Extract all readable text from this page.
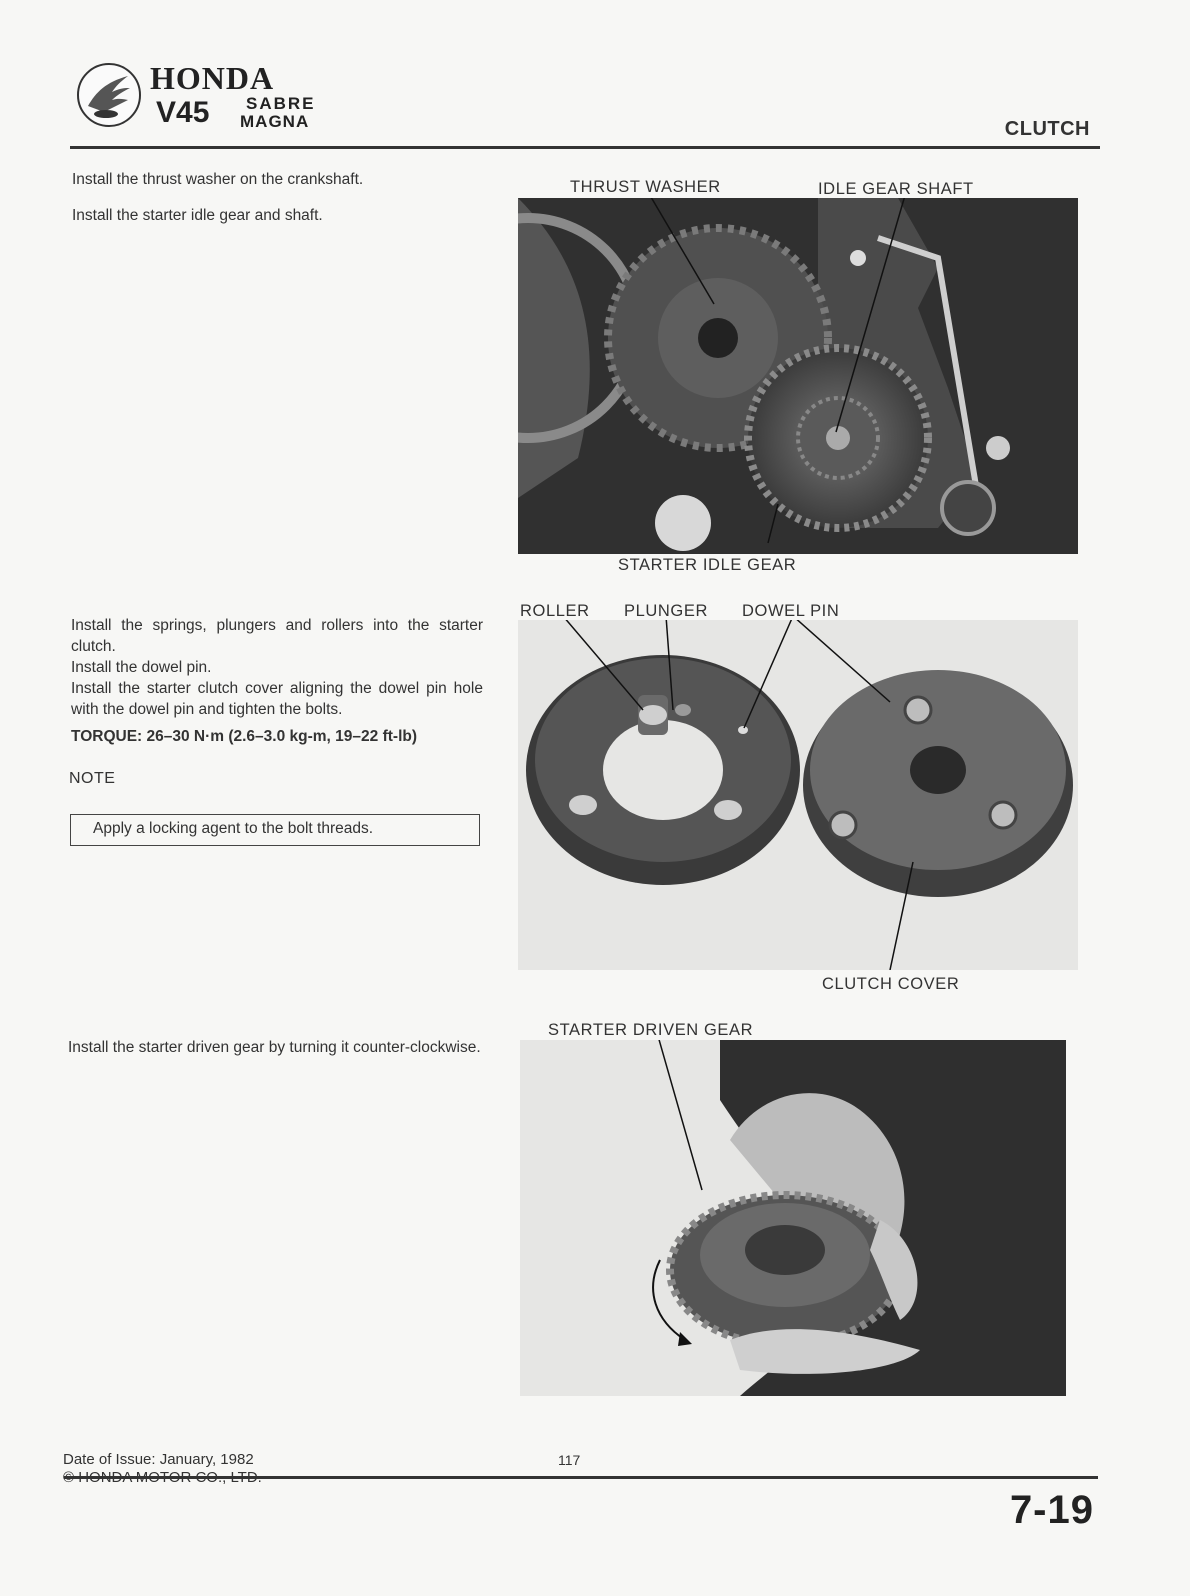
HONDA
V45 SABRE
MAGNA	CLUTCH
Install the thrust washer on the crankshaft.
Install the starter idle gear and shaft.
THRUST WASHER	IDLE GEAR SHAFT
STARTER IDLE GEAR
Install the springs, plungers and rollers into the starter clutch.
Install the dowel pin.
Install the starter clutch cover aligning the dowel pin hole with the dowel pin and tighten the bolts.
TORQUE: 26–30 N·m (2.6–3.0 kg-m, 19–22 ft-lb)
NOTE
Apply a locking agent to the bolt threads.
ROLLER PLUNGER DOWEL PIN
CLUTCH COVER
Install the starter driven gear by turning it counter-clockwise.
STARTER DRIVEN GEAR
Date of Issue: January, 1982
© HONDA MOTOR CO., LTD.
117
7-19
